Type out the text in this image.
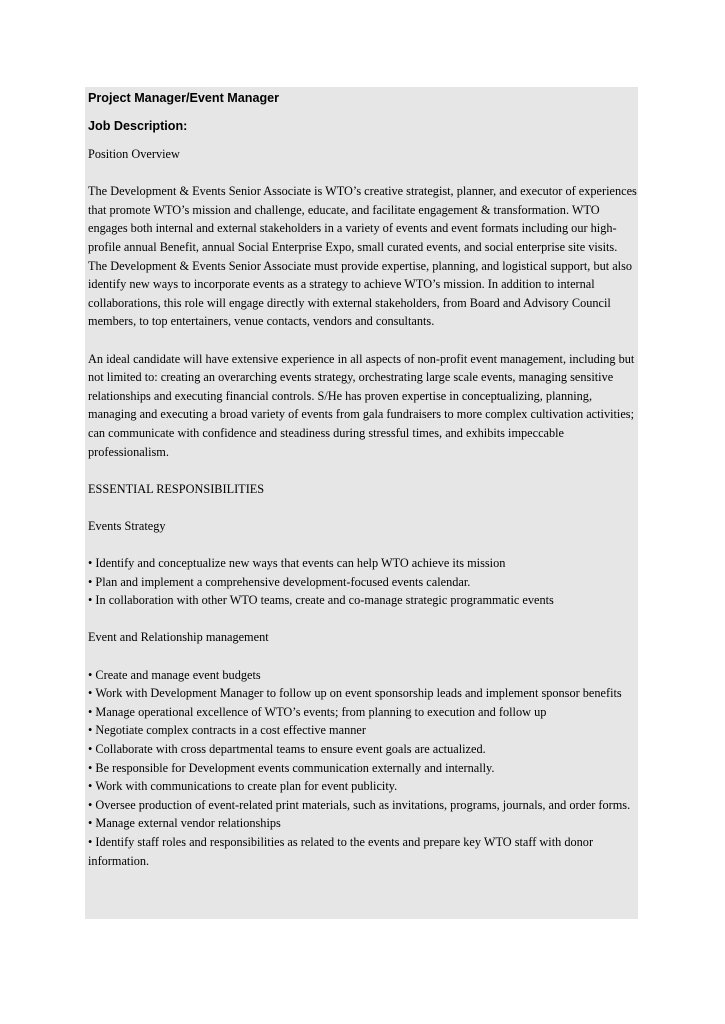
Project Manager/Event Manager

Job Description:

Position Overview

The Development & Events Senior Associate is WTO’s creative strategist, planner, and executor of experiences that promote WTO’s mission and challenge, educate, and facilitate engagement & transformation. WTO engages both internal and external stakeholders in a variety of events and event formats including our high-profile annual Benefit, annual Social Enterprise Expo, small curated events, and social enterprise site visits. The Development & Events Senior Associate must provide expertise, planning, and logistical support, but also identify new ways to incorporate events as a strategy to achieve WTO’s mission. In addition to internal collaborations, this role will engage directly with external stakeholders, from Board and Advisory Council members, to top entertainers, venue contacts, vendors and consultants.

An ideal candidate will have extensive experience in all aspects of non-profit event management, including but not limited to: creating an overarching events strategy, orchestrating large scale events, managing sensitive relationships and executing financial controls. S/He has proven expertise in conceptualizing, planning, managing and executing a broad variety of events from gala fundraisers to more complex cultivation activities; can communicate with confidence and steadiness during stressful times, and exhibits impeccable professionalism.

ESSENTIAL RESPONSIBILITIES

Events Strategy

• Identify and conceptualize new ways that events can help WTO achieve its mission
• Plan and implement a comprehensive development-focused events calendar.
• In collaboration with other WTO teams, create and co-manage strategic programmatic events

Event and Relationship management

• Create and manage event budgets
• Work with Development Manager to follow up on event sponsorship leads and implement sponsor benefits
• Manage operational excellence of WTO’s events; from planning to execution and follow up
• Negotiate complex contracts in a cost effective manner
• Collaborate with cross departmental teams to ensure event goals are actualized.
• Be responsible for Development events communication externally and internally.
• Work with communications to create plan for event publicity.
• Oversee production of event-related print materials, such as invitations, programs, journals, and order forms.
• Manage external vendor relationships
• Identify staff roles and responsibilities as related to the events and prepare key WTO staff with donor information.
